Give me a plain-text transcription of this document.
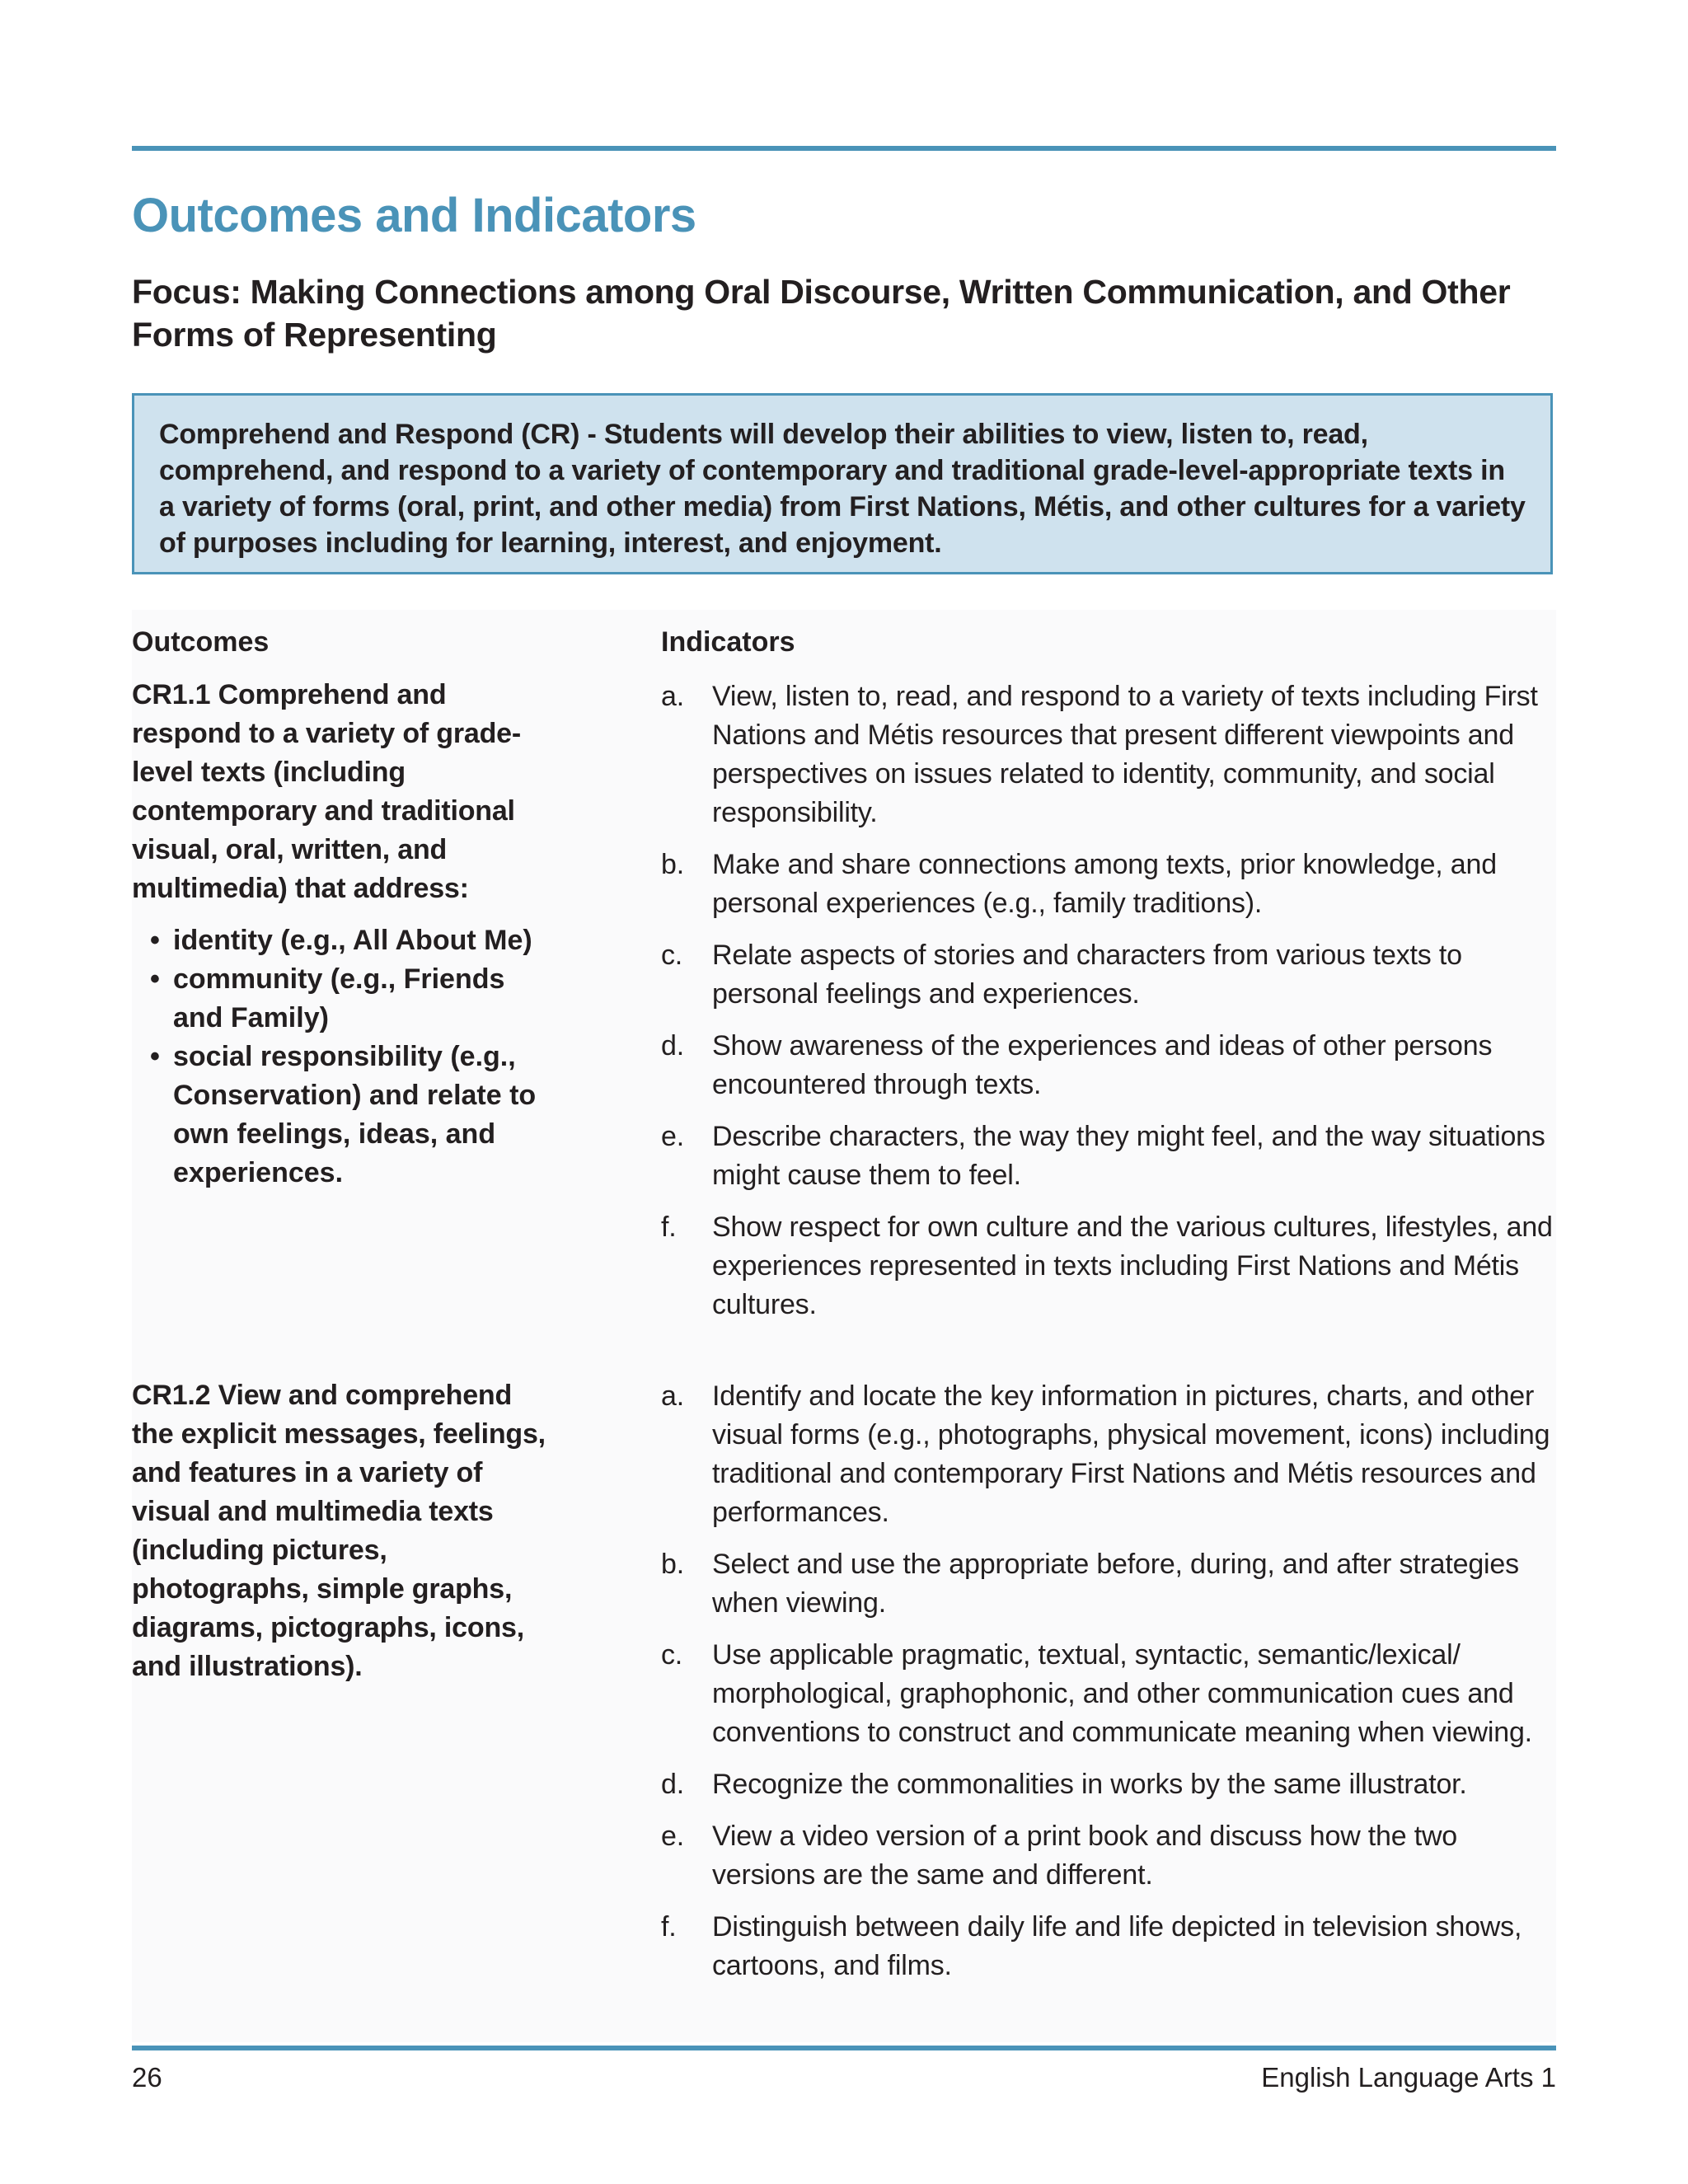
Outcomes and Indicators
Focus: Making Connections among Oral Discourse, Written Communication, and Other Forms of Representing
Comprehend and Respond (CR) - Students will develop their abilities to view, listen to, read, comprehend, and respond to a variety of contemporary and traditional grade-level-appropriate texts in a variety of forms (oral, print, and other media) from First Nations, Métis, and other cultures for a variety of purposes including for learning, interest, and enjoyment.

Outcomes	Indicators

CR1.1 Comprehend and respond to a variety of grade-level texts (including contemporary and traditional visual, oral, written, and multimedia) that address:

• identity (e.g., All About Me)
• community (e.g., Friends and Family)
• social responsibility (e.g., Conservation) and relate to own feelings, ideas, and experiences.
a. View, listen to, read, and respond to a variety of texts including First Nations and Métis resources that present different viewpoints and perspectives on issues related to identity, community, and social responsibility.
b. Make and share connections among texts, prior knowledge, and personal experiences (e.g., family traditions).
c. Relate aspects of stories and characters from various texts to personal feelings and experiences.
d. Show awareness of the experiences and ideas of other persons encountered through texts.
e. Describe characters, the way they might feel, and the way situations might cause them to feel.
f. Show respect for own culture and the various cultures, lifestyles, and experiences represented in texts including First Nations and Métis cultures.

CR1.2 View and comprehend the explicit messages, feelings, and features in a variety of visual and multimedia texts (including pictures, photographs, simple graphs, diagrams, pictographs, icons, and illustrations).

a. Identify and locate the key information in pictures, charts, and other visual forms (e.g., photographs, physical movement, icons) including traditional and contemporary First Nations and Métis resources and performances.
b. Select and use the appropriate before, during, and after strategies when viewing.
c. Use applicable pragmatic, textual, syntactic, semantic/lexical/ morphological, graphophonic, and other communication cues and conventions to construct and communicate meaning when viewing.
d. Recognize the commonalities in works by the same illustrator.
e. View a video version of a print book and discuss how the two versions are the same and different.
f. Distinguish between daily life and life depicted in television shows, cartoons, and films.

26	English Language Arts 1
